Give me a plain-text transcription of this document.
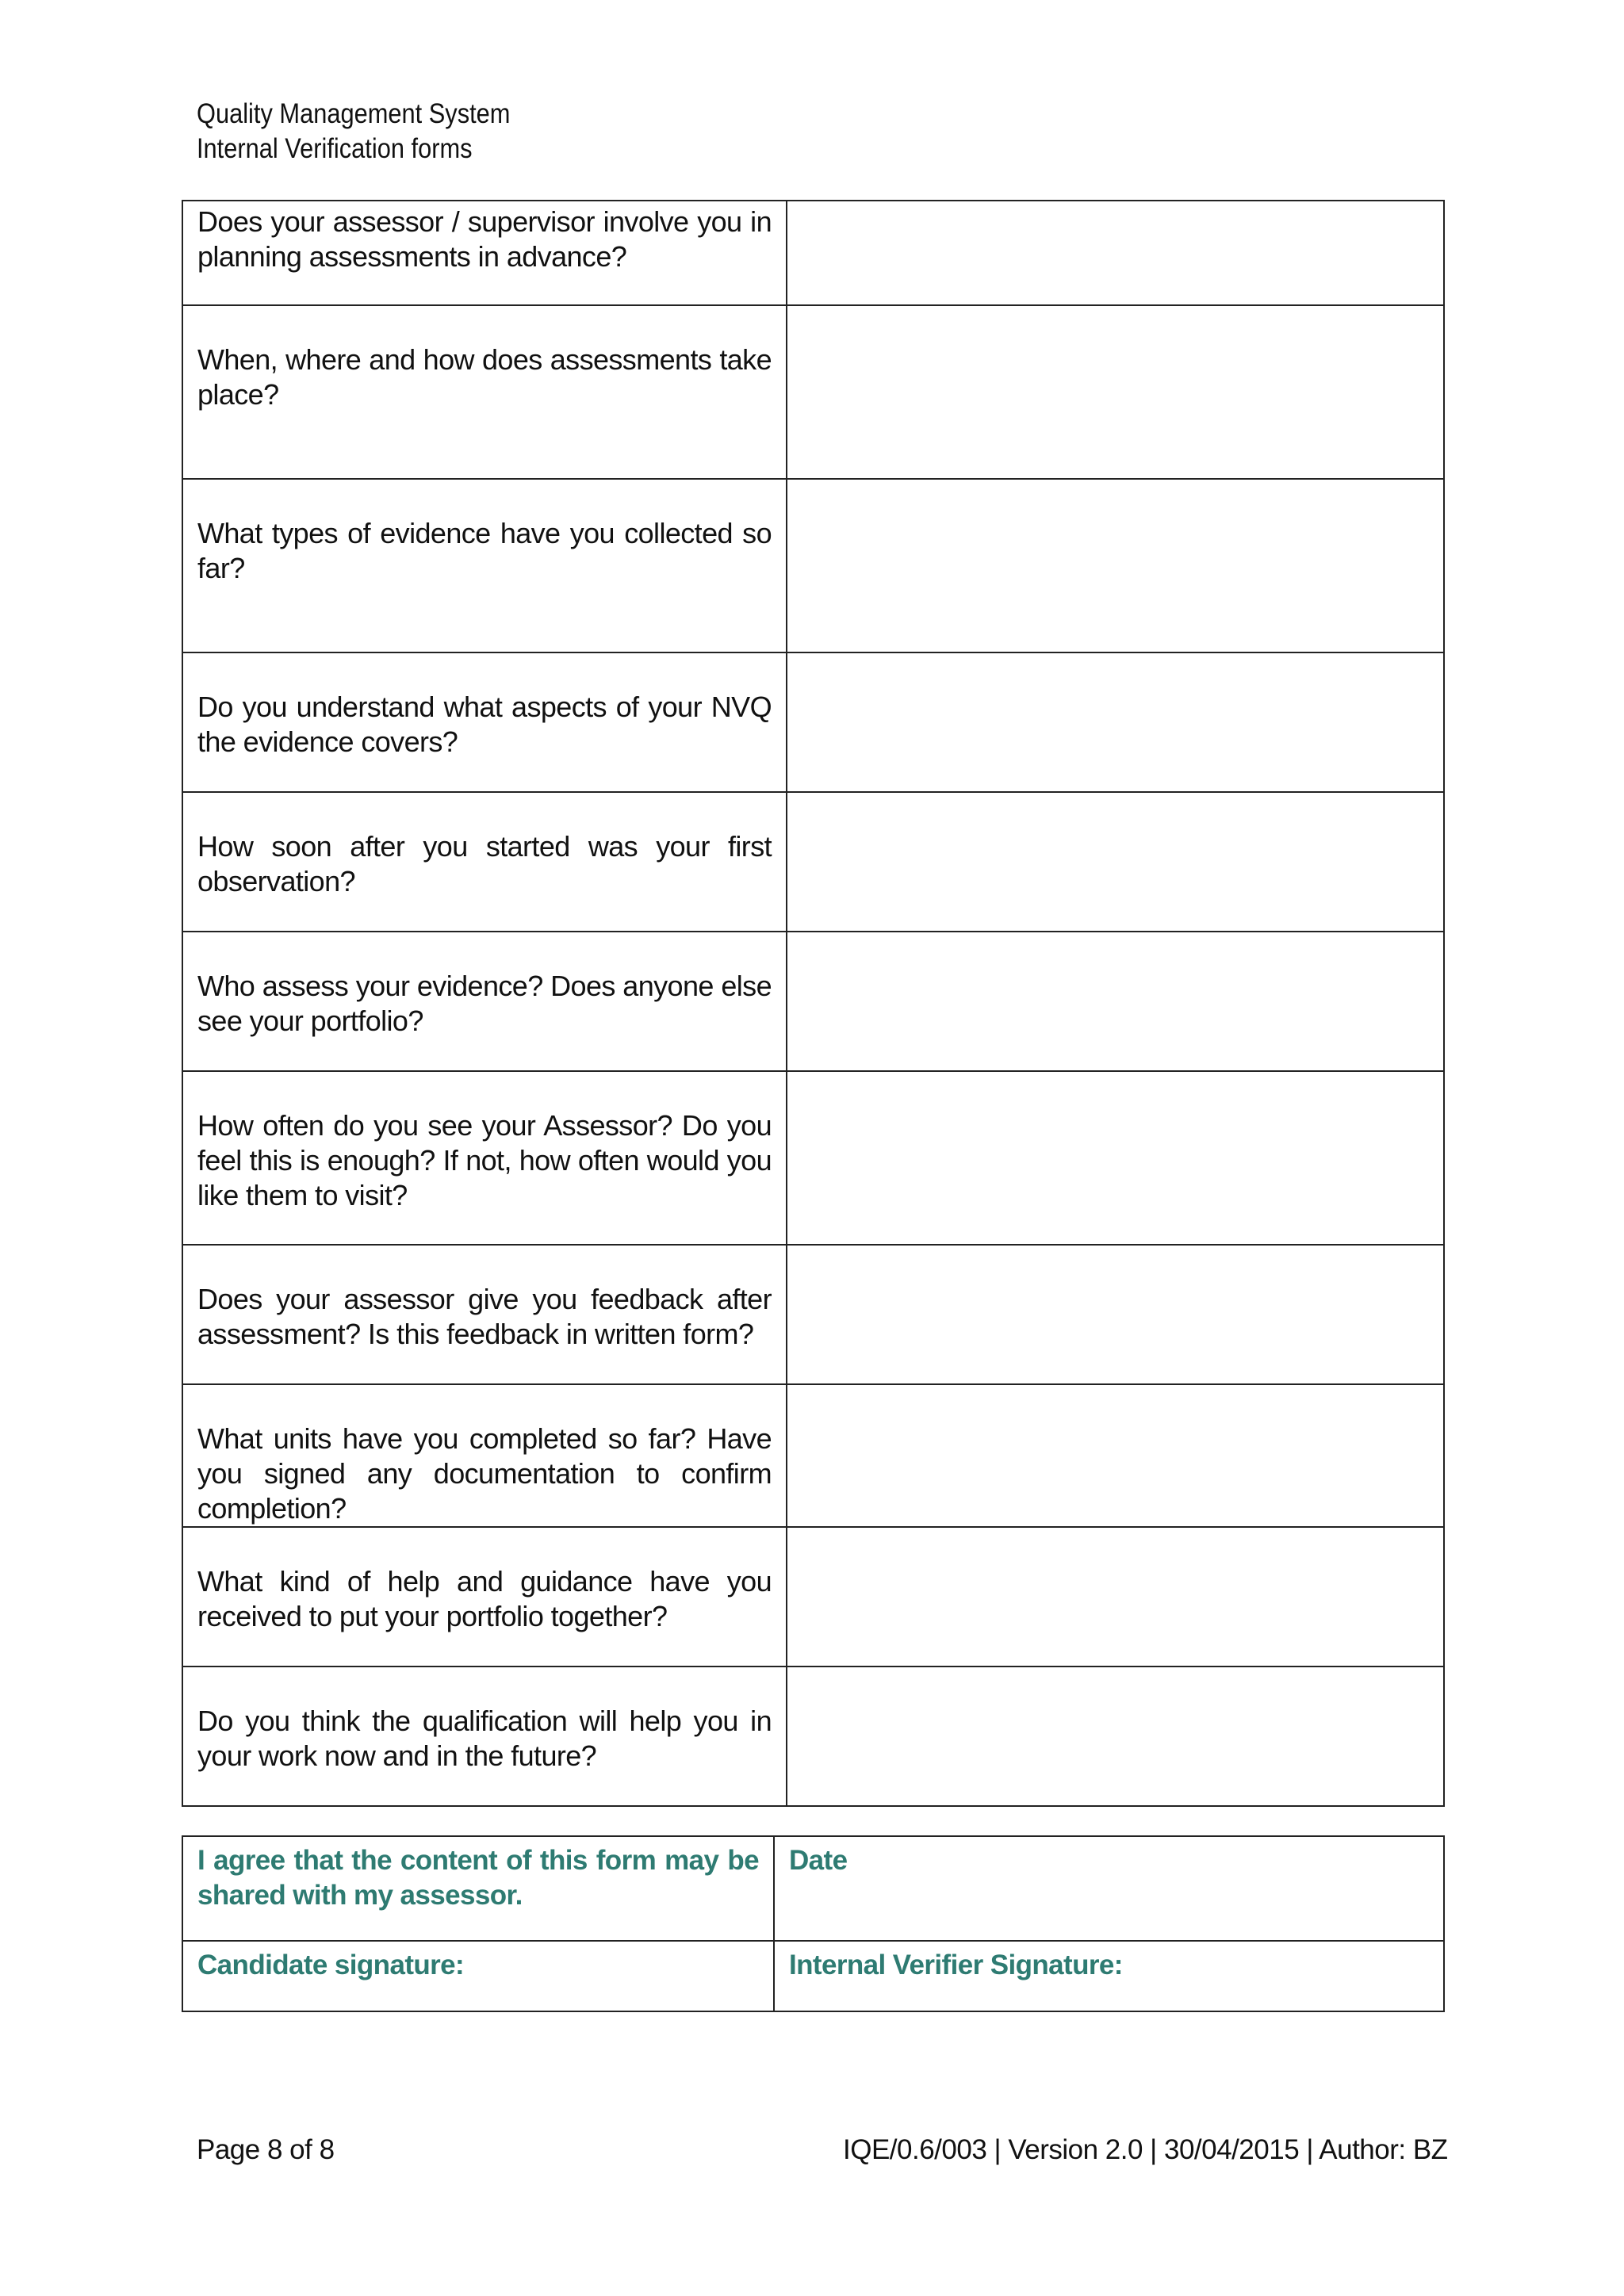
Quality Management System
Internal Verification forms
Does your assessor / supervisor involve you in planning assessments in advance?	

When, where and how does assessments take place?	

What types of evidence have you collected so far?	

Do you understand what aspects of your NVQ the evidence covers?	

How soon after you started was your first observation?	

Who assess your evidence? Does anyone else see your portfolio?	

How often do you see your Assessor? Do you feel this is enough? If not, how often would you like them to visit?	

Does your assessor give you feedback after assessment? Is this feedback in written form?	

What units have you completed so far? Have you signed any documentation to confirm completion?	

What kind of help and guidance have you received to put your portfolio together?	

Do you think the qualification will help you in your work now and in the future?	

I agree that the content of this form may be shared with my assessor.	Date
Candidate signature:	Internal Verifier Signature:
Page 8 of 8	IQE/0.6/003 | Version 2.0 | 30/04/2015 | Author: BZ
